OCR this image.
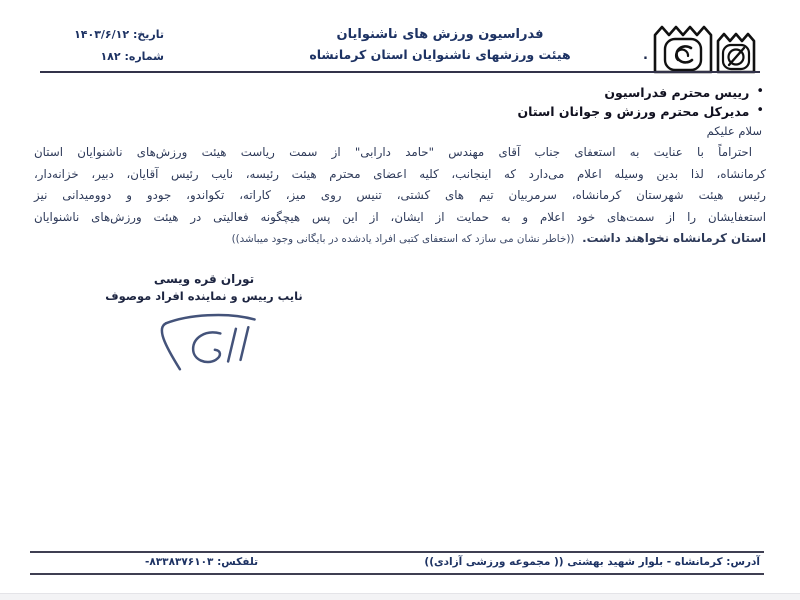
.
فدراسیون ورزش های ناشنوایان
هیئت ورزشهای ناشنوایان استان کرمانشاه
تاریخ: ۱۴۰۳/۶/۱۲
شماره: ۱۸۲
•
رییس محترم فدراسیون
•
مدیرکل محترم ورزش و جوانان استان
سلام علیکم
احتراماً با عنایت به استعفای جناب آقای مهندس "حامد دارابی" از سمت ریاست هیئت ورزش‌های ناشنوایان استان
کرمانشاه، لذا بدین وسیله اعلام می‌دارد که اینجانب، کلیه اعضای محترم هیئت رئیسه، نایب رئیس آقایان، دبیر، خزانه‌دار،
رئیس هیئت شهرستان کرمانشاه، سرمربیان تیم های کشتی، تنیس روی میز، کاراته، تکواندو، جودو و دوومیدانی نیز
استعفایشان را از سمت‌های خود اعلام و به حمایت از ایشان، از این پس هیچگونه فعالیتی در هیئت ورزش‌های ناشنوایان
استان کرمانشاه نخواهند داشت. ((خاطر نشان می سازد که استعفای کتبی افراد یادشده در بایگانی وجود میباشد))
توران قره ویسی
نایب رییس و نماینده افراد موصوف
آدرس: کرمانشاه - بلوار شهید بهشتی (( مجموعه ورزشی آزادی))
تلفکس: ۸۳۳۸۳۷۶۱۰۳-
